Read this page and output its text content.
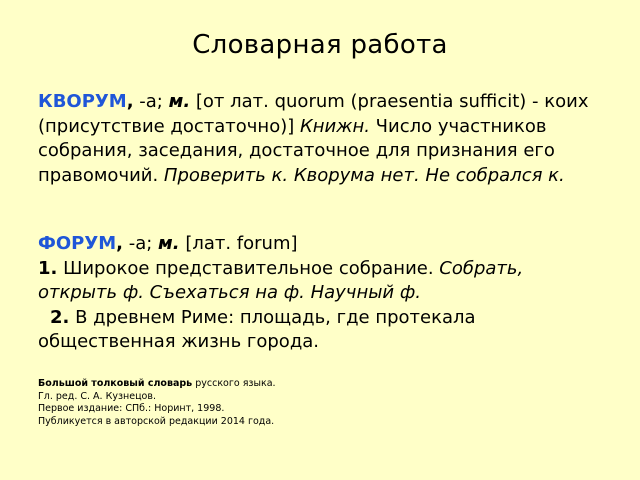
Словарная работа

КВОРУМ, -а; м. [от лат. quorum (praesentia sufficit) - коих (присутствие достаточно)] Книжн. Число участников собрания, заседания, достаточное для признания его правомочий. Проверить к. Кворума нет. Не собрался к.

ФОРУМ, -а; м. [лат. forum]
1. Широкое представительное собрание. Собрать, открыть ф. Съехаться на ф. Научный ф.
2. В древнем Риме: площадь, где протекала общественная жизнь города.

Большой толковый словарь русского языка.
Гл. ред. С. А. Кузнецов.
Первое издание: СПб.: Норинт, 1998.
Публикуется в авторской редакции 2014 года.
